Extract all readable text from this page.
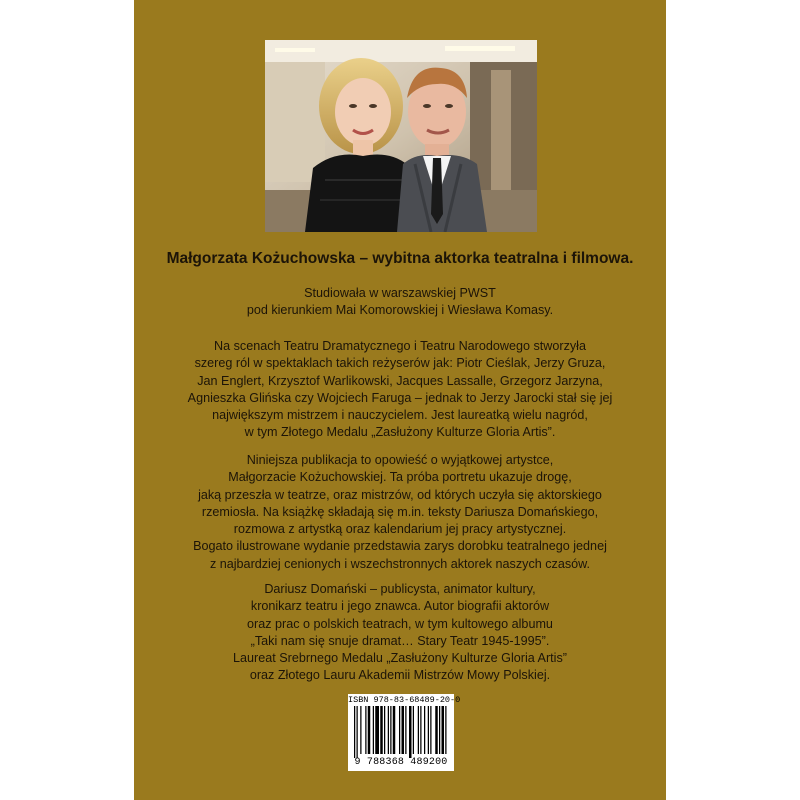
Małgorzata Kożuchowska – wybitna aktorka teatralna i filmowa.
Studiowała w warszawskiej PWST
pod kierunkiem Mai Komorowskiej i Wiesława Komasy.
Na scenach Teatru Dramatycznego i Teatru Narodowego stworzyła
szereg ról w spektaklach takich reżyserów jak: Piotr Cieślak, Jerzy Gruza,
Jan Englert, Krzysztof Warlikowski, Jacques Lassalle, Grzegorz Jarzyna,
Agnieszka Glińska czy Wojciech Faruga – jednak to Jerzy Jarocki stał się jej
największym mistrzem i nauczycielem. Jest laureatką wielu nagród,
w tym Złotego Medalu „Zasłużony Kulturze Gloria Artis”.
Niniejsza publikacja to opowieść o wyjątkowej artystce,
Małgorzacie Kożuchowskiej. Ta próba portretu ukazuje drogę,
jaką przeszła w teatrze, oraz mistrzów, od których uczyła się aktorskiego
rzemiosła. Na książkę składają się m.in. teksty Dariusza Domańskiego,
rozmowa z artystką oraz kalendarium jej pracy artystycznej.
Bogato ilustrowane wydanie przedstawia zarys dorobku teatralnego jednej
z najbardziej cenionych i wszechstronnych aktorek naszych czasów.
Dariusz Domański – publicysta, animator kultury,
kronikarz teatru i jego znawca. Autor biografii aktorów
oraz prac o polskich teatrach, w tym kultowego albumu
„Taki nam się snuje dramat… Stary Teatr 1945-1995”.
Laureat Srebrnego Medalu „Zasłużony Kulturze Gloria Artis”
oraz Złotego Lauru Akademii Mistrzów Mowy Polskiej.
ISBN 978-83-68489-20-0
9 788368 489200
